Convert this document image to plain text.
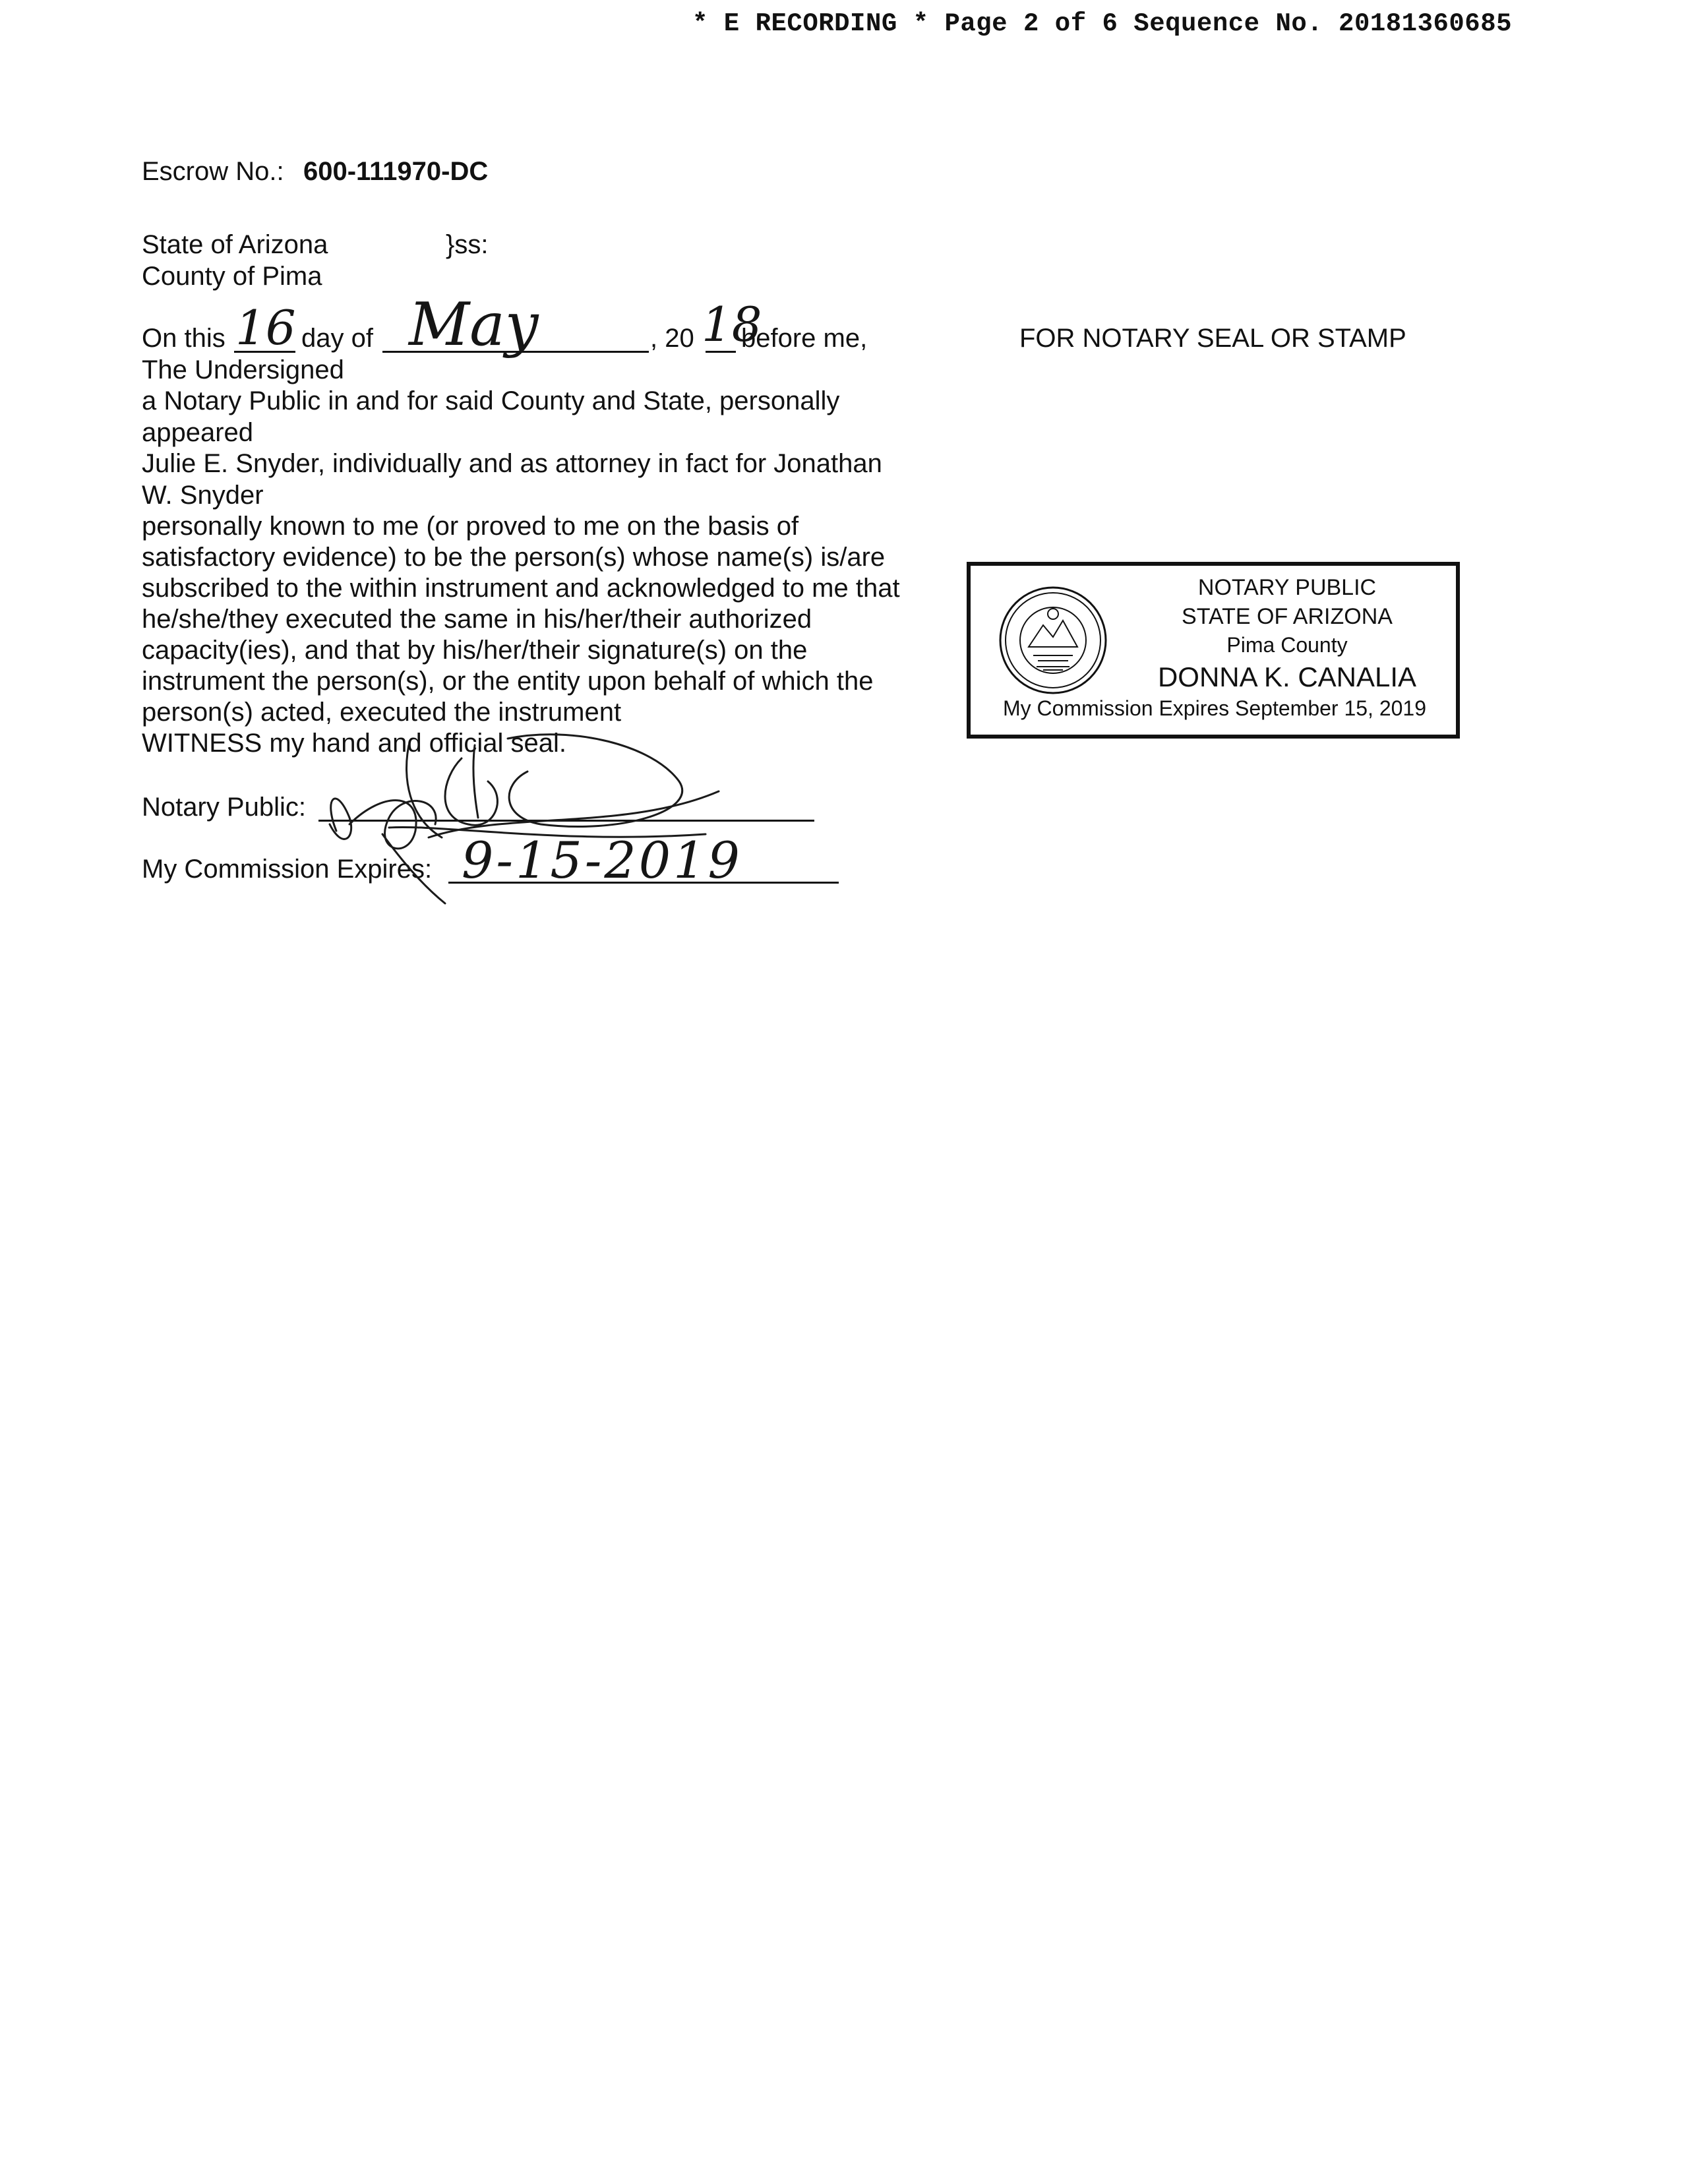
* E RECORDING * Page 2 of 6 Sequence No. 20181360685
Escrow No.: 600-111970-DC
State of Arizona	}ss:
County of Pima
On this 16 day of May	, 20 18
before me,	FOR NOTARY SEAL OR STAMP
The Undersigned
a Notary Public in and for said County and State, personally
appeared
Julie E. Snyder, individually and as attorney in fact for Jonathan
W. Snyder
personally known to me (or proved to me on the basis of
satisfactory evidence) to be the person(s) whose name(s) is/are
subscribed to the within instrument and acknowledged to me that
he/she/they executed the same in his/her/their authorized
capacity(ies), and that by his/her/their signature(s) on the
instrument the person(s), or the entity upon behalf of which the
person(s) acted, executed the instrument
WITNESS my hand and official seal.
Notary Public:
My Commission Expires: 9-15-2019
NOTARY PUBLIC
STATE OF ARIZONA
Pima County
DONNA K. CANALIA
My Commission Expires September 15, 2019
